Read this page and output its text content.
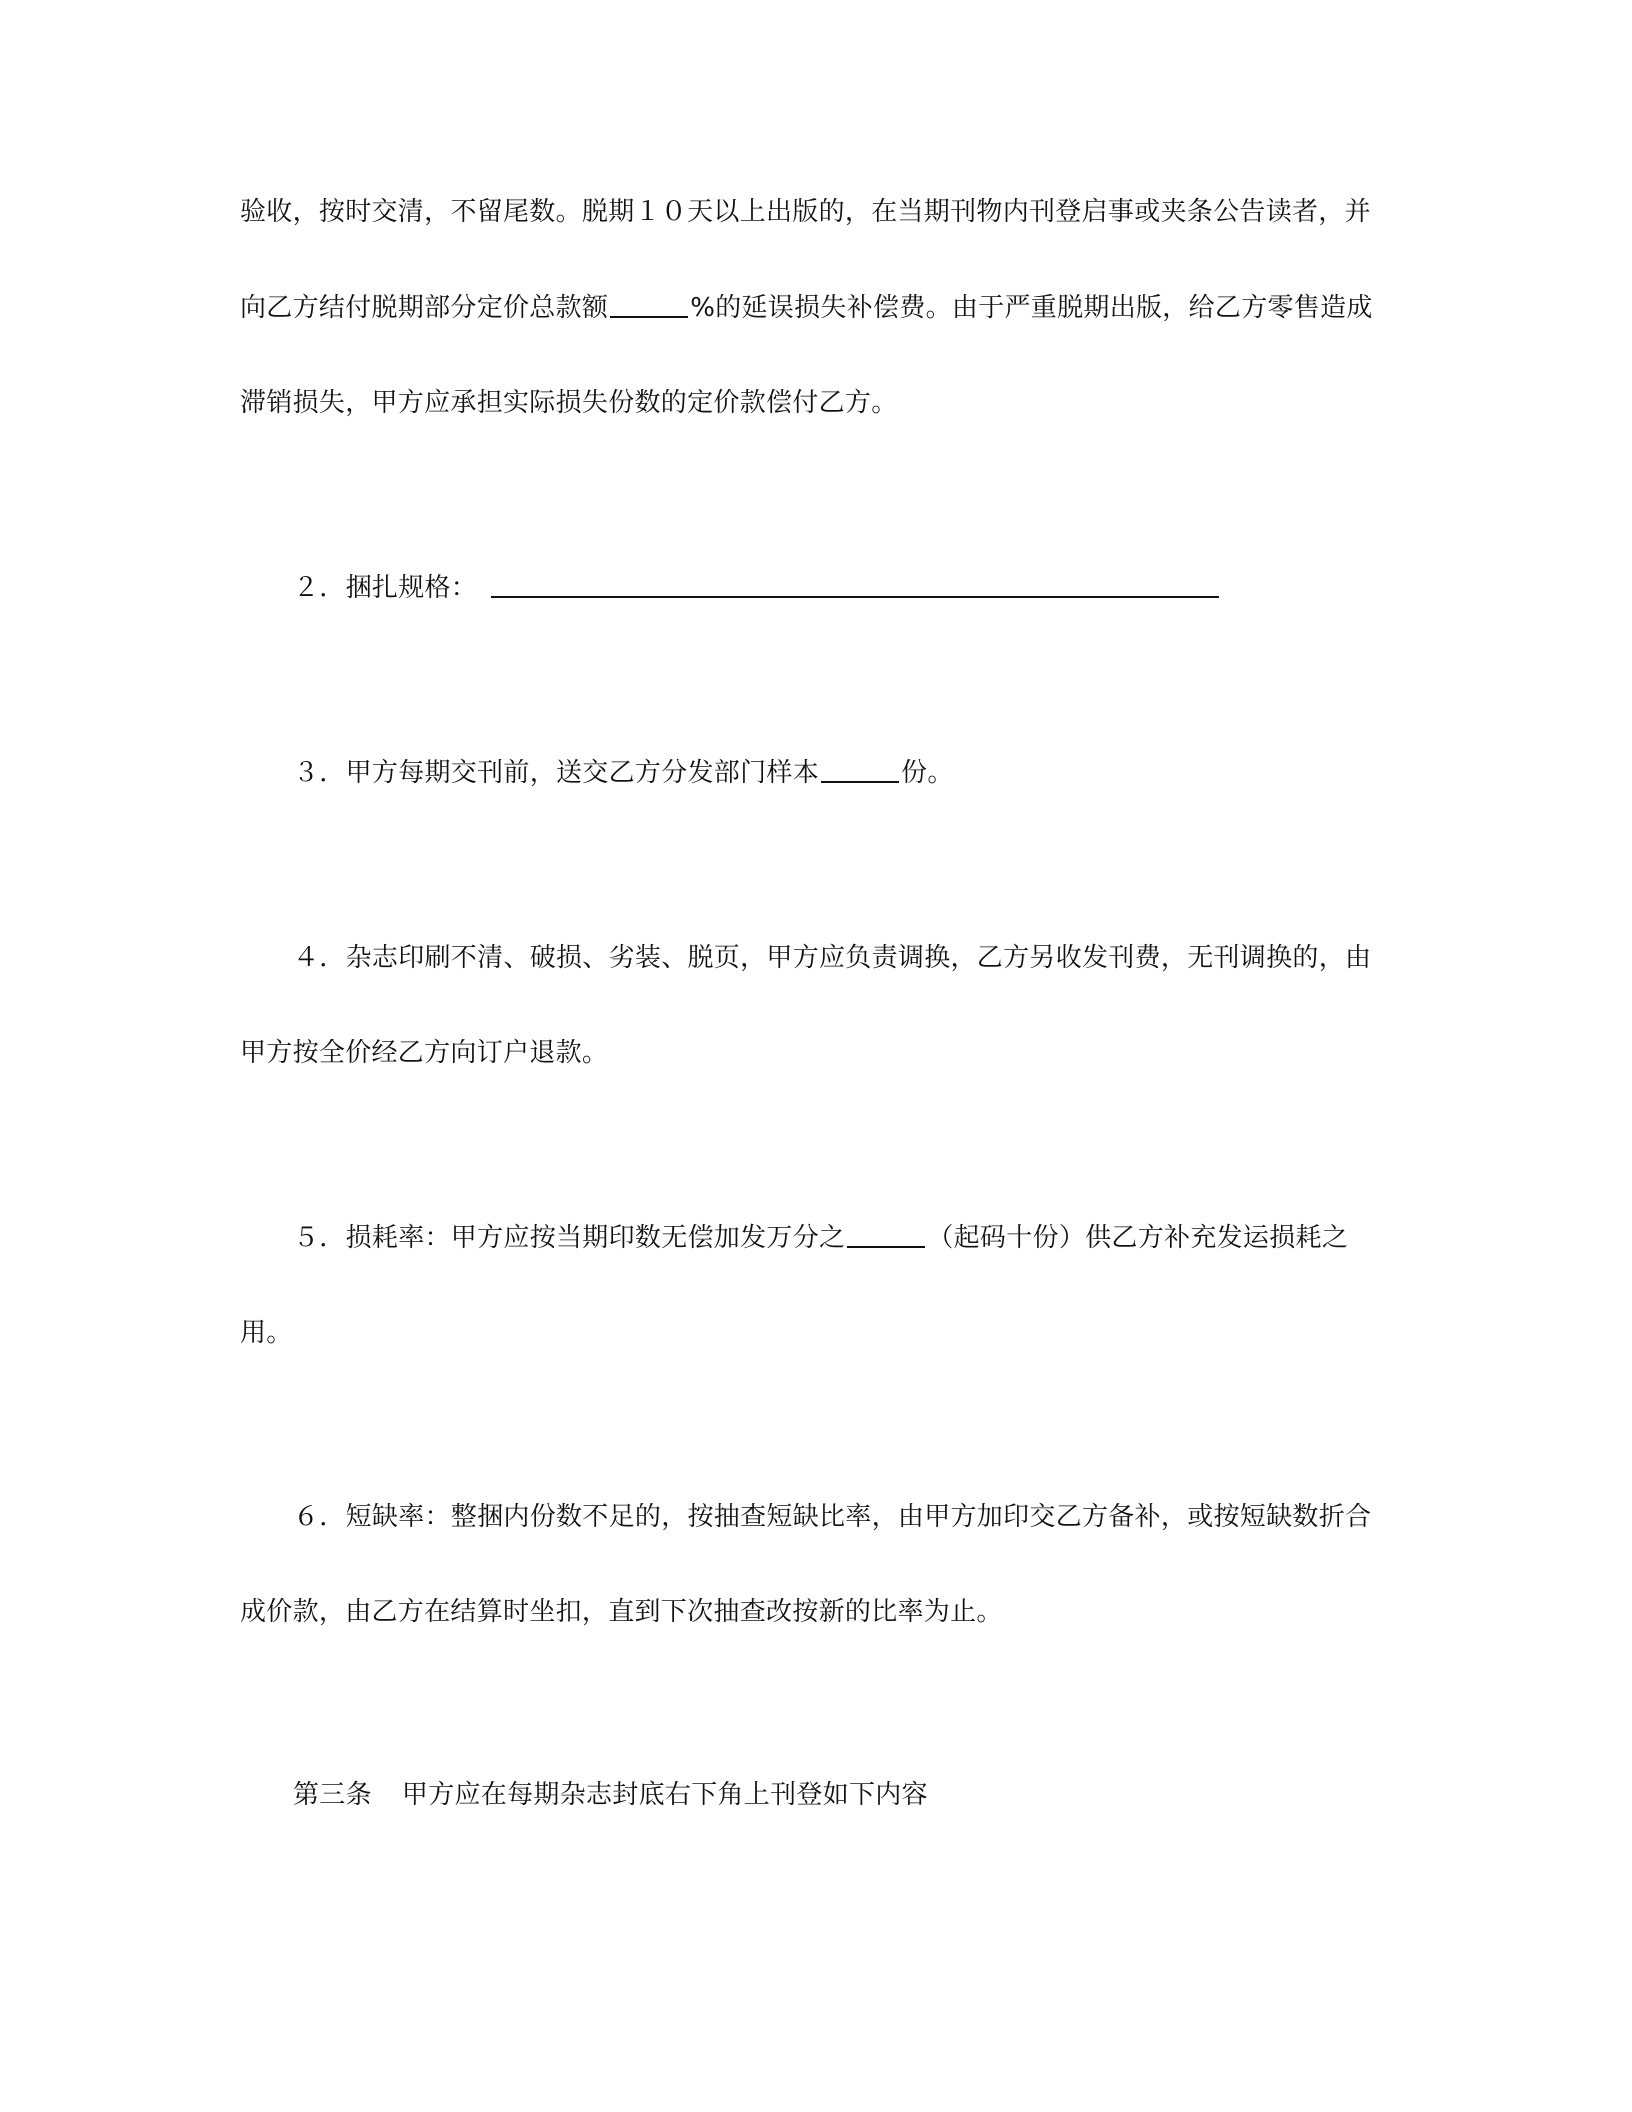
验收，按时交清，不留尾数。脱期１０天以上出版的，在当期刊物内刊登启事或夹条公告读者，并
向乙方结付脱期部分定价总款额	%的延误损失补偿费。由于严重脱期出版，给乙方零售造成
滞销损失，甲方应承担实际损失份数的定价款偿付乙方。
２．捆扎规格：
３．甲方每期交刊前，送交乙方分发部门样本	份。
４．杂志印刷不清、破损、劣装、脱页，甲方应负责调换，乙方另收发刊费，无刊调换的，由
甲方按全价经乙方向订户退款。
５．损耗率：甲方应按当期印数无偿加发万分之	（起码十份）供乙方补充发运损耗之
用。
６．短缺率：整捆内份数不足的，按抽查短缺比率，由甲方加印交乙方备补，或按短缺数折合
成价款，由乙方在结算时坐扣，直到下次抽查改按新的比率为止。
第三条 甲方应在每期杂志封底右下角上刊登如下内容
